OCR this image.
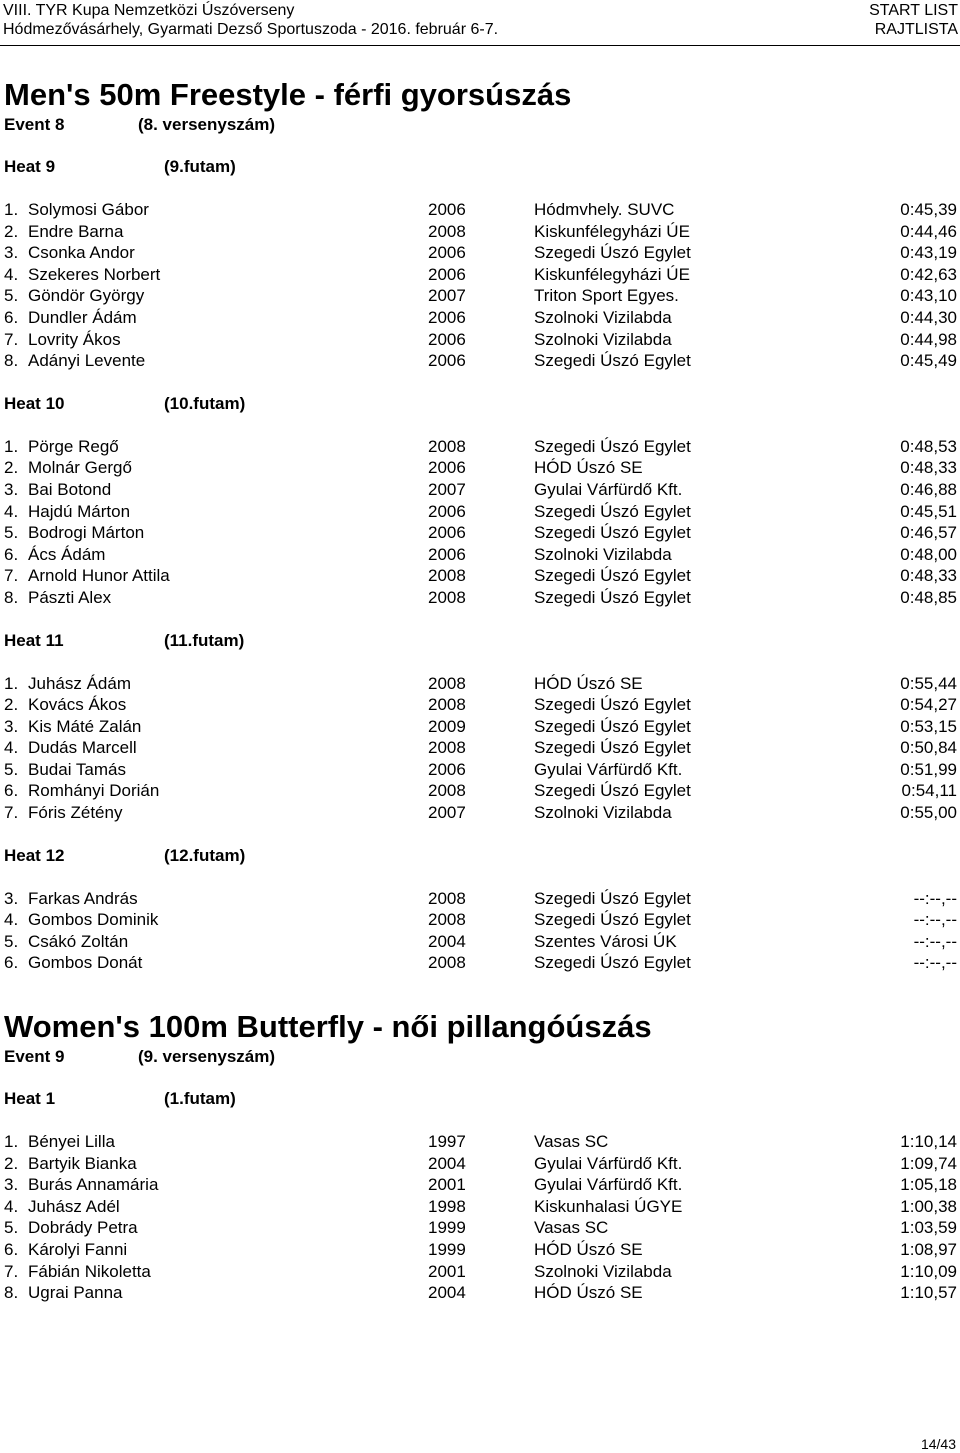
VIII. TYR Kupa Nemzetközi Úszóverseny
Hódmezővásárhely, Gyarmati Dezső Sportuszoda - 2016. február 6-7.
START LIST
RAJTLISTA
Men's 50m Freestyle - férfi gyorsúszás
Event 8	(8. versenyszám)
Heat 9	(9.futam)
1. Solymosi Gábor	2006	Hódmvhely. SUVC	0:45,39
2. Endre Barna	2008	Kiskunfélegyházi ÚE	0:44,46
3. Csonka Andor	2006	Szegedi Úszó Egylet	0:43,19
4. Szekeres Norbert	2006	Kiskunfélegyházi ÚE	0:42,63
5. Göndör György	2007	Triton Sport Egyes.	0:43,10
6. Dundler Ádám	2006	Szolnoki Vizilabda	0:44,30
7. Lovrity Ákos	2006	Szolnoki Vizilabda	0:44,98
8. Adányi Levente	2006	Szegedi Úszó Egylet	0:45,49
Heat 10	(10.futam)
1. Pörge Regő	2008	Szegedi Úszó Egylet	0:48,53
2. Molnár Gergő	2006	HÓD Úszó SE	0:48,33
3. Bai Botond	2007	Gyulai Várfürdő Kft.	0:46,88
4. Hajdú Márton	2006	Szegedi Úszó Egylet	0:45,51
5. Bodrogi Márton	2006	Szegedi Úszó Egylet	0:46,57
6. Ács Ádám	2006	Szolnoki Vizilabda	0:48,00
7. Arnold Hunor Attila	2008	Szegedi Úszó Egylet	0:48,33
8. Pászti Alex	2008	Szegedi Úszó Egylet	0:48,85
Heat 11	(11.futam)
1. Juhász Ádám	2008	HÓD Úszó SE	0:55,44
2. Kovács Ákos	2008	Szegedi Úszó Egylet	0:54,27
3. Kis Máté Zalán	2009	Szegedi Úszó Egylet	0:53,15
4. Dudás Marcell	2008	Szegedi Úszó Egylet	0:50,84
5. Budai Tamás	2006	Gyulai Várfürdő Kft.	0:51,99
6. Romhányi Dorián	2008	Szegedi Úszó Egylet	0:54,11
7. Fóris Zétény	2007	Szolnoki Vizilabda	0:55,00
Heat 12	(12.futam)
3. Farkas András	2008	Szegedi Úszó Egylet	--:--,--
4. Gombos Dominik	2008	Szegedi Úszó Egylet	--:--,--
5. Csákó Zoltán	2004	Szentes Városi ÚK	--:--,--
6. Gombos Donát	2008	Szegedi Úszó Egylet	--:--,--
Women's 100m Butterfly - női pillangóúszás
Event 9	(9. versenyszám)
Heat 1	(1.futam)
1. Bényei Lilla	1997	Vasas SC	1:10,14
2. Bartyik Bianka	2004	Gyulai Várfürdő Kft.	1:09,74
3. Burás Annamária	2001	Gyulai Várfürdő Kft.	1:05,18
4. Juhász Adél	1998	Kiskunhalasi ÚGYE	1:00,38
5. Dobrády Petra	1999	Vasas SC	1:03,59
6. Károlyi Fanni	1999	HÓD Úszó SE	1:08,97
7. Fábián Nikoletta	2001	Szolnoki Vizilabda	1:10,09
8. Ugrai Panna	2004	HÓD Úszó SE	1:10,57
14/43
